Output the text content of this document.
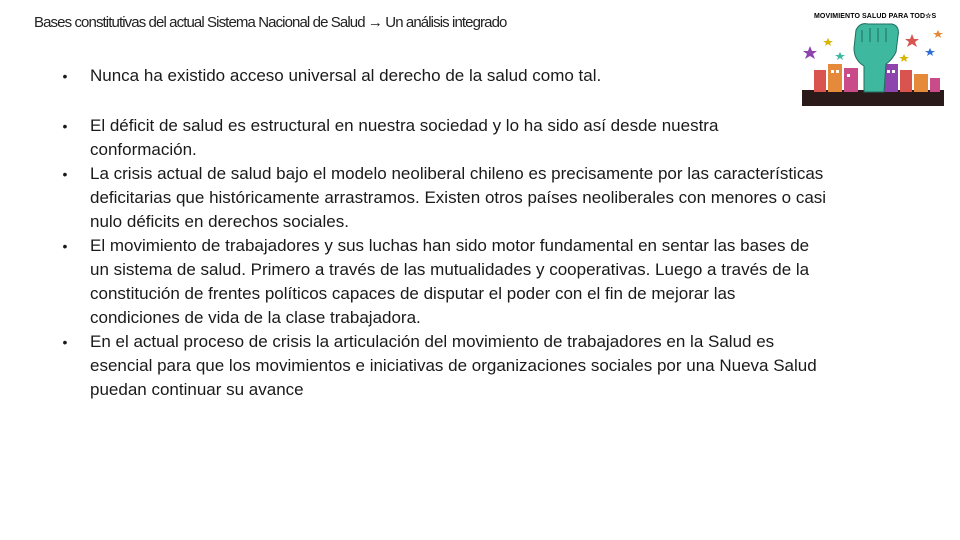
Bases constitutivas del actual Sistema Nacional de Salud → Un análisis integrado	MOVIMIENTO SALUD PARA TOD☆S
• Nunca ha existido acceso universal al derecho de la salud como tal.
• El déficit de salud es estructural en nuestra sociedad y lo ha sido así desde nuestra conformación.
• La crisis actual de salud bajo el modelo neoliberal chileno es precisamente por las características deficitarias que históricamente arrastramos. Existen otros países neoliberales con menores o casi nulo déficits en derechos sociales.
• El movimiento de trabajadores y sus luchas han sido motor fundamental en sentar las bases de un sistema de salud. Primero a través de las mutualidades y cooperativas. Luego a través de la constitución de frentes políticos capaces de disputar el poder con el fin de mejorar las condiciones de vida de la clase trabajadora.
• En el actual proceso de crisis la articulación del movimiento de trabajadores en la Salud es esencial para que los movimientos e iniciativas de organizaciones sociales por una Nueva Salud puedan continuar su avance
